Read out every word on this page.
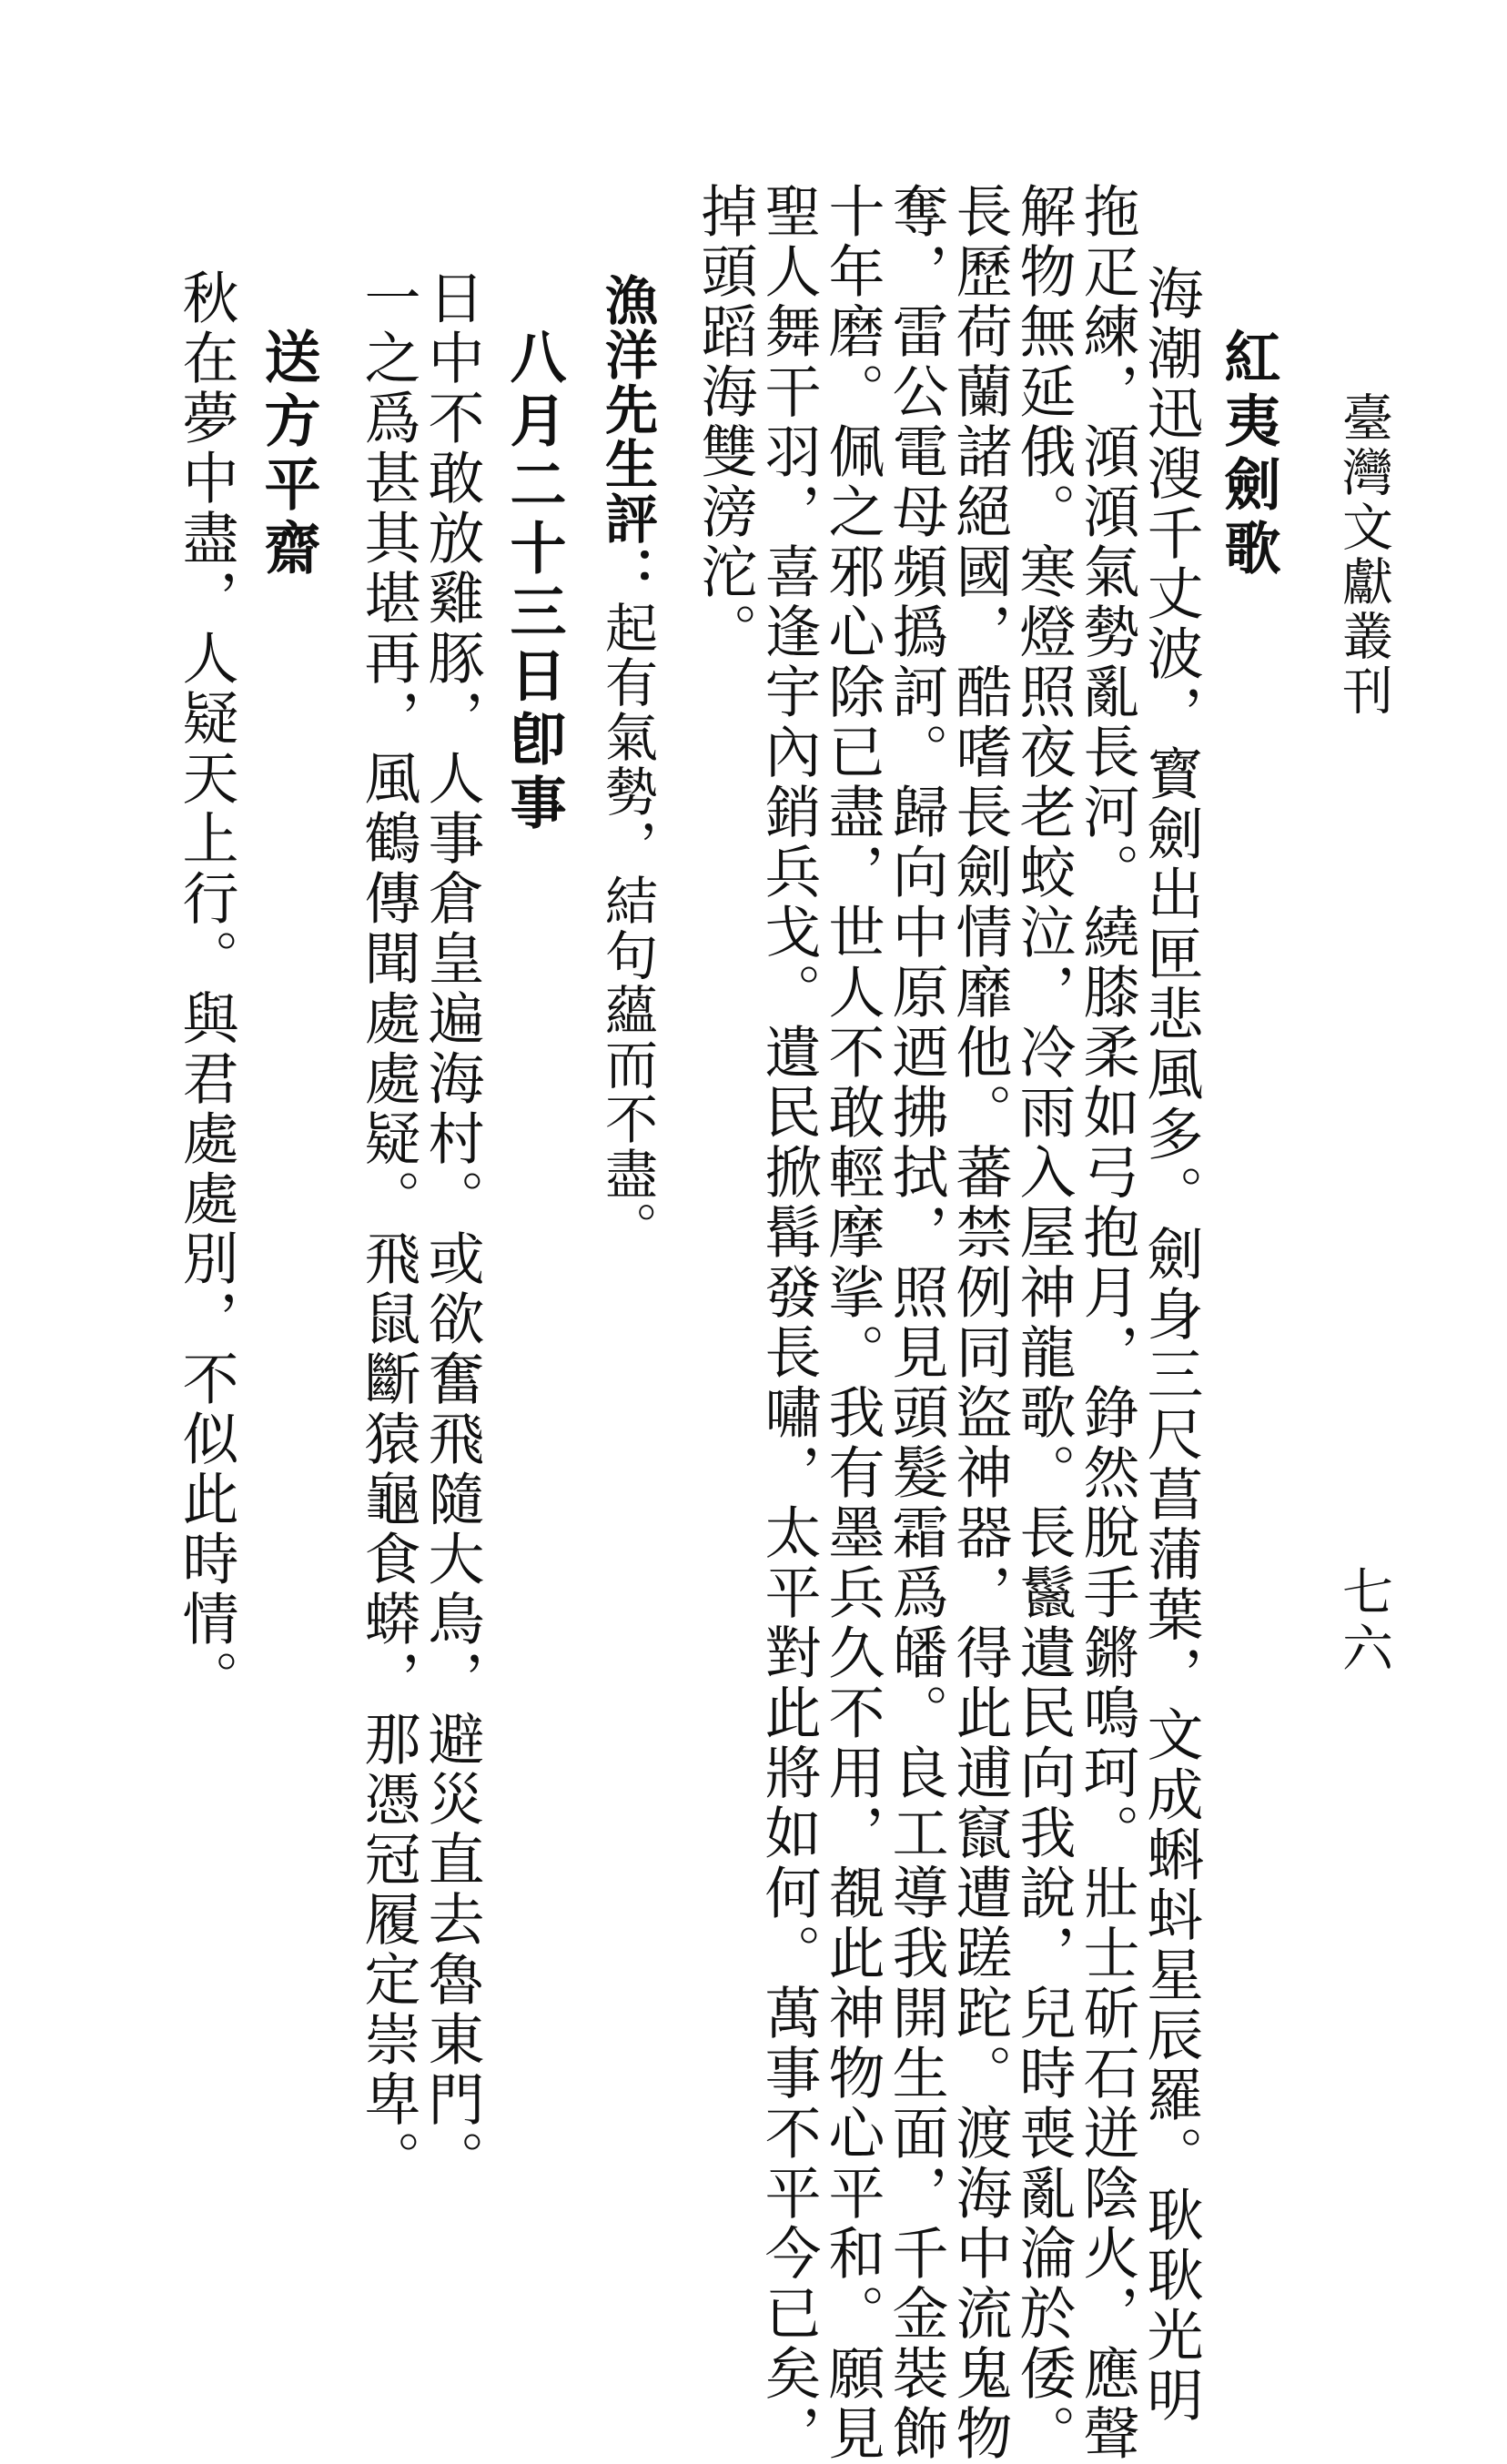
臺灣文獻叢刊
七六
紅夷劍歌
海潮迅溲千丈波，寳劍出匣悲風多。劍身三尺菖蒲葉，文成蝌蚪星辰羅。耿耿光明
拖疋練，澒澒氣勢亂長河。繞膝柔如弓抱月，錚然脫手鏘鳴珂。壯士斫石迸陰火，應聲
解物無延俄。寒燈照夜老蛟泣，冷雨入屋神龍歌。長鬣遺民向我說，兒時喪亂淪於倭。
長歷荷蘭諸絕國，酷嗜長劍情靡他。蕃禁例同盜神器，得此逋竄遭蹉跎。渡海中流鬼物
奪，雷公電母頻撝訶。歸向中原迺拂拭，照見頭髮霜爲皤。良工導我開生面，千金裝飾
十年磨。佩之邪心除已盡，世人不敢輕摩挲。我有墨兵久不用，覩此神物心平和。願見
聖人舞干羽，喜逢宇內銷兵戈。遺民掀髯發長嘯，太平對此將如何。萬事不平今已矣，
掉頭蹈海雙滂沱。
漁洋先生評：起有氣勢，結句蘊而不盡。
八月二十三日卽事
日中不敢放雞豚，人事倉皇遍海村。或欲奮飛隨大鳥，避災直去魯東門。
一之爲甚其堪再，風鶴傳聞處處疑。飛鼠斷猿龜食蟒，那憑冠履定崇卑。
送方平齋
秋在夢中盡，人疑天上行。與君處處別，不似此時情。
